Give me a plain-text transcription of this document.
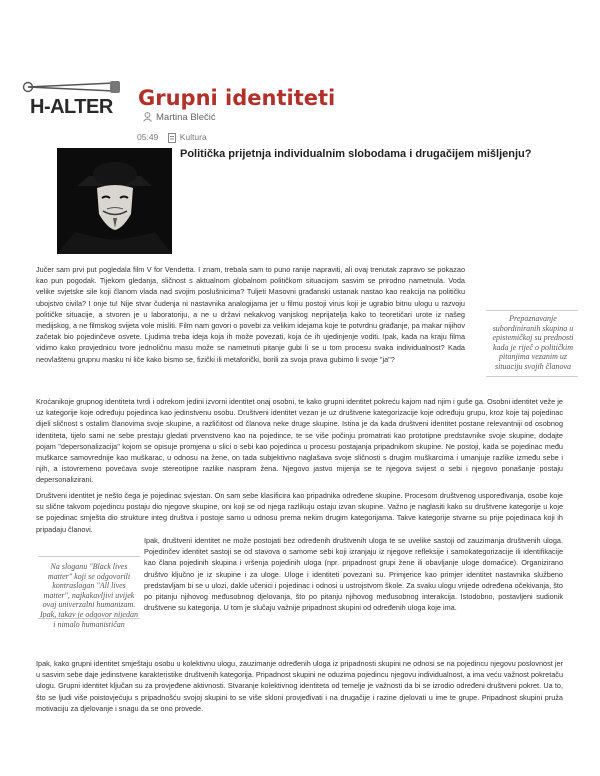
H-ALTER Grupni identiteti
Martina Blečić
05:49	Kultura

Politička prijetnja individualnim slobodama i drugačijem mišljenju?

Jučer sam prvi put pogledala film V for Vendetta. I znam, trebala sam to puno ranije napraviti, ali ovaj trenutak zapravo se pokazao kao pun pogodak. Tijekom gledanja, sličnost s aktualnom globalnom političkom situacijom sasvim se prirodno nametnula. Voda velike svjetske sile koji članom vlada nad svojim poslušnicima? Tuljeti Masovni građanski ustanak nastao kao reakcija na političku ubojstvo civila? I onje tu! Nije stvar čudenja ni nastavnika analogijama jer u filmu postoji virus koji je ugrabio bitnu ulogu u razvoju političke situacije, a stvoren je u laboratoriju, a ne u državi nekakvog vanjskog neprijatelja kako to teoretičari urote iz našeg medijskog, a ne filmskog svijeta vole misliti. Film nam govori o povebi za velikim idejama koje te potvrdnu građanje, pa makar nijihov začetak bio pojedinčeve osvete. Ljudima treba ideja koja ih može povezati, koja će ih ujedinjenje voditi. Ipak, kada na kraju filma vidimo kako provjednicu tvore jednoličnu masu može se nametnuti pitanje gubi li se u tom procesu svaka individualnost? Kada neovlaštenu grupnu masku ni liče kako bismo se, fizički ili metaforički, borili za svoja prava gubimo li svoje "ja"?

Prepoznavanje subordiniranih skupina u epistemičkoj su prednosti kada je riječ o političkim pitanjima vezanim uz situaciju svojih članova

Kroćanikoje grupnog identiteta tvrdi i odrekom jedini izvorni identitet onaj osobni, te kako grupni identitet pokreću kajom nad njim i guše ga. Osobni identitet veže je uz kategorije koje određuju pojedinca kao jedinstvenu osobu. Društveni identitet vezan je uz društvene kategorizacije koje određuju grupu, kroz koje taj pojedinac dijeli sličnost s ostalim članovima svoje skupine, a različitost od članova neke druge skupine. Istina je da kada društveni identitet postane relevantniji od osobnog identiteta, tijelo sami ne sebe prestaju gledati prvenstveno kao na pojedince, te se više počinju promatrati kao prototipne predstavnike svoje skupine, dodajte pojam "depersonalizacija" kojom se opisuje promjena u slici o sebi kao pojedinca u procesu postajanja pripadnikom skupine. Ne postoji, kada se pojedinac među muškarce samovrednije kao muškarac, u odnosu na žene, on tada subjektivno naglašava svoje sličnosti s drugim muškarcima i umanjuje razlike između sebe i njih, a istovremeno povećava svoje stereotipne razlike naspram žena. Njegovo jastvo mijenja se te njegova svijest o sebi i njegovo ponašanje postaju depersonalizirani.

Društveni identitet je nešto čega je pojedinac svjestan. On sam sebe klasificira kao pripadnika određene skupine. Procesom društvenog uspoređivanja, osobe koje su slične takvom pojedincu postaju dio njegove skupine, oni koji se od njega razlikuju ostaju izvan skupine. Važno je naglasiti kako su društvene kategorije u koje se pojedinac smješta dio strukture integ društva i postoje samo u odnosu prema nekim drugim kategorijama. Takve kategorije stvarne su prije pojedinaca koji ih pripadaju članovi.

Na sloganu "Black lives matter" koji se odgovorili kontraslogan "All lives matter", najkakavljivi uvijek ovaj univerzalni humanizam. Ipak, takav je odgovor nijedan i nimalo humanističan

Ipak, društveni identitet ne može postojati bez određenih društvenih uloga te se uvelike sastoji od zauzimanja društvenih uloga. Pojedinčev identitet sastoji se od stavova o samome sebi koji izranjaju iz njegove refleksije i samokategorizacije ili identifikacije kao člana pojedinih skupina i vršenja pojedinih uloga (npr. pripadnost grupi žene ili obavljanje uloge domaćice). Organizirano društvo ključno je iz skupine i za uloge. Uloge i identiteti povezani su. Primjerice kao primjer identitet nastavnika službeno predstavljam bi se u ulozi, dakle učenici i pojedinac i odnosi u ustrojstvom škole. Za svaku ulogu vrijede određena očekivanja, što po pitanju njihovog međusobnog djelovanja, što po pitanju njihovog međusobnog interakcija. Istodobno, postavljeni sudionik društvene su kategorija. U tom je slučaju važnije pripadnost skupini od određenih uloga koje ima.

Ipak, kako grupni identitet smještaju osobu u kolektivnu ulogu, zauzimanje određenih uloga iz pripadnosti skupini ne odnosi se na pojedincu njegovu poslovnost jer u sasvim sebe daje jedinstvene karakteristike društvenih kategorija. Pripadnost skupini ne oduzima pojedincu njegovu individualnost, a ima veću važnost pokretaču ulogu. Grupni identitet ključan su za provjeđene aktivnosti. Stvaranje kolektivnog identiteta od temelje je važnosti da bi se izrodio određeni društveni pokret. Ua to, što se ljudi više poistovjećuju s pripadnošću svojoj skupini to se više skloni provjeđivati i na drugačije i razine djelovati u ime te grupe. Pripadnost skupini pruža motivaciju za djelovanje i snagu da se ono provede.
